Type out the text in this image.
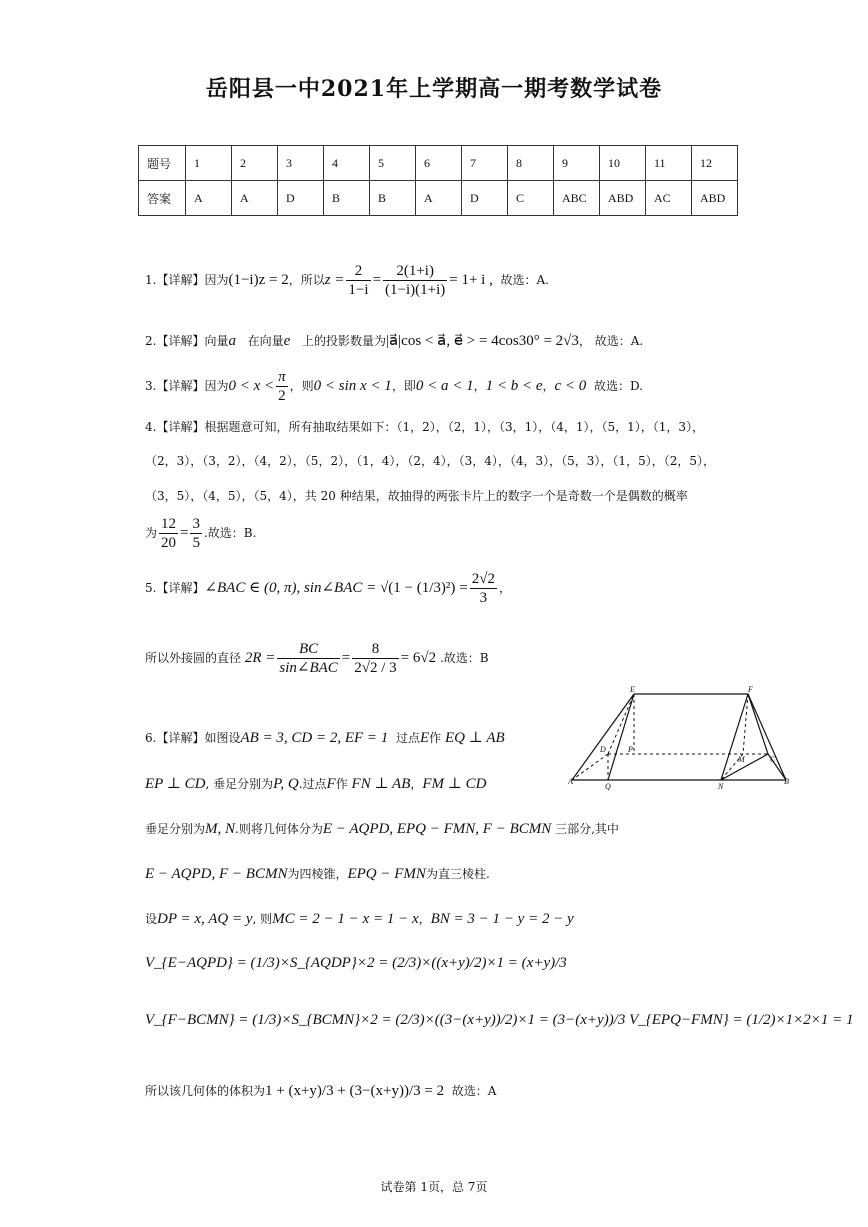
岳阳县一中2021年上学期高一期考数学试卷
题号	1	2	3	4	5	6	7	8	9	10	11	12
答案	A	A	D	B	B	A	D	C	ABC	ABD	AC	ABD
1.【详解】因为(1−i)z = 2，所以$z = \frac{2}{1-i} = \frac{2(1+i)}{(1-i)(1+i)} = 1+ i$ , 故选：A.
2.【详解】向量a⃗在向量e⃗上的投影数量为|a⃗|cos < a⃗, e⃗ > = 4cos30° = 2√3， 故选：A.
3.【详解】因为$0 < x < \frac{\pi}{2}$ ，则0 < sin x < 1，即0 < a < 1，1 < b < e，c < 0 故选：D.
4.【详解】根据题意可知，所有抽取结果如下：（1，2），（2，1），（3，1），（4，1），（5，1），（1，3），
（2，3），（3，2），（4，2），（5，2），（1，4），（2，4），（3，4），（4，3），（5，3），（1，5），（2，5），
（3，5），（4，5），（5，4），共 20 种结果，故抽得的两张卡片上的数字一个是奇数一个是偶数的概率
为 $\frac{12}{20} = \frac{3}{5}$ .故选：B.
5.【详解】∠BAC ∈ (0, π), sin∠BAC = $√(1 - (1/3)^2) = \frac{2√2}{3}$ ，
所以外接圆的直径 $2R = \frac{BC}{\text{sin∠BAC}} = \frac{8}{2√2 / 3} = 6√2$ .故选：B
6.【详解】如图设AB = 3, CD = 2, EF = 1 过点E作 EQ ⊥ AB
EP ⊥ CD, 垂足分别为P, Q.过点F作 FN ⊥ AB，FM ⊥ CD
垂足分别为M, N.则将几何体分为E − AQPD, EPQ − FMN, F − BCMN 三部分,其中
E − AQPD, F − BCMN为四棱锥，EPQ − FMN为直三棱柱.
设DP = x, AQ = y, 则MC = 2 − 1 − x = 1 − x，BN = 3 − 1 − y = 2 − y
V_{E−AQPD} = (1/3)×S_{AQDP}×2 = (2/3)×((x+y)/2)×1 = (x+y)/3
V_{F−BCMN} = (1/3)×S_{BCMN}×2 = (2/3)×((3−(x+y))/2)×1 = (3−(x+y))/3 V_{EPQ−FMN} = (1/2)×1×2×1 = 1
所以该几何体的体积为1 + (x+y)/3 + (3−(x+y))/3 = 2 故选：A
E	F
A	B
C
D
M
N
P
Q
试卷第 1页，总 7页
